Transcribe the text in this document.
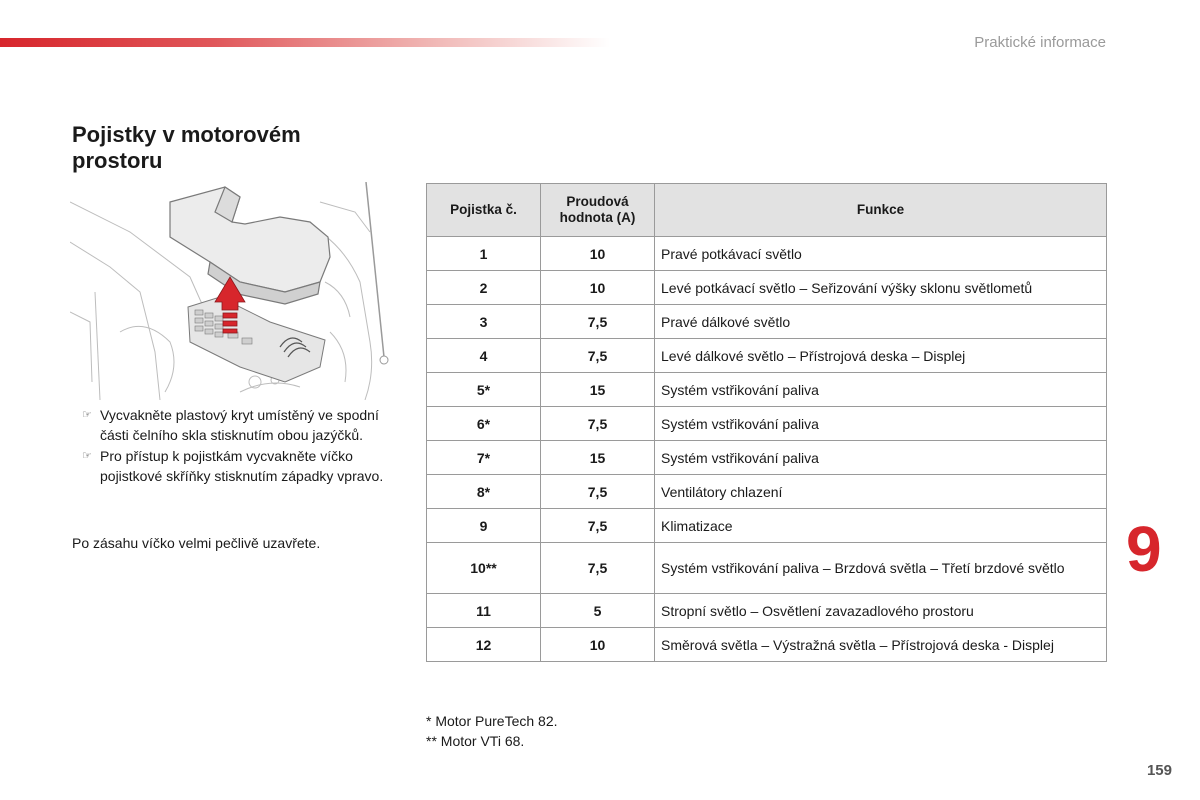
Praktické informace
Pojistky v motorovém prostoru
☞ Vycvakněte plastový kryt umístěný ve spodní části čelního skla stisknutím obou jazýčků.
☞ Pro přístup k pojistkám vycvakněte víčko pojistkové skříňky stisknutím západky vpravo.
Po zásahu víčko velmi pečlivě uzavřete.
Pojistka č.	Proudová hodnota (A)	Funkce
1	10	Pravé potkávací světlo
2	10	Levé potkávací světlo – Seřizování výšky sklonu světlometů
3	7,5	Pravé dálkové světlo
4	7,5	Levé dálkové světlo – Přístrojová deska – Displej
5*	15	Systém vstřikování paliva
6*	7,5	Systém vstřikování paliva
7*	15	Systém vstřikování paliva
8*	7,5	Ventilátory chlazení
9	7,5	Klimatizace
10**	7,5	Systém vstřikování paliva – Brzdová světla – Třetí brzdové světlo
11	5	Stropní světlo – Osvětlení zavazadlového prostoru
12	10	Směrová světla – Výstražná světla – Přístrojová deska - Displej
* Motor PureTech 82.
** Motor VTi 68.
9
159
